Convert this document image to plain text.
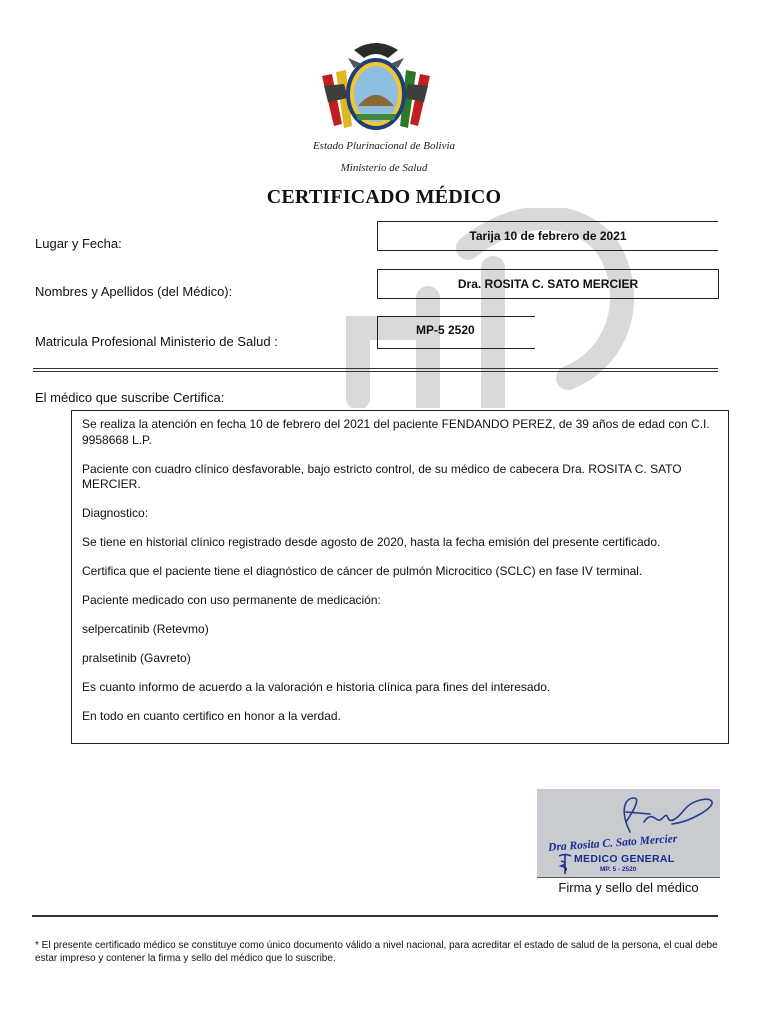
Estado Plurinacional de Bolivia
Ministerio de Salud
CERTIFICADO MÉDICO
Lugar y Fecha:	Tarija 10 de febrero de 2021
Nombres y Apellidos (del Médico):	Dra. ROSITA C. SATO MERCIER
Matricula Profesional Ministerio de Salud :
MP-5 2520
El médico que suscribe Certifica:

Se realiza la atención en fecha 10 de febrero del 2021 del paciente FENDANDO PEREZ, de 39 años de edad con C.I. 9958668 L.P.

Paciente con cuadro clínico desfavorable, bajo estricto control, de su médico de cabecera Dra. ROSITA C. SATO MERCIER.

Diagnostico:

Se tiene en historial clínico registrado desde agosto de 2020, hasta la fecha emisión del presente certificado.

Certifica que el paciente tiene el diagnóstico de cáncer de pulmón Microcitico (SCLC) en fase IV terminal.

Paciente medicado con uso permanente de medicación:

selpercatinib (Retevmo)

pralsetinib (Gavreto)

Es cuanto informo de acuerdo a la valoración e historia clínica para fines del interesado.

En todo en cuanto certifico en honor a la verdad.

Dra Rosita C. Sato Mercier
MEDICO GENERAL
MP. 5 - 2520
Firma y sello del médico
* El presente certificado médico se constituye como único documento válido a nivel nacional, para acreditar el estado de salud de la persona, el cual debe estar impreso y contener la firma y sello del médico que lo suscribe.
